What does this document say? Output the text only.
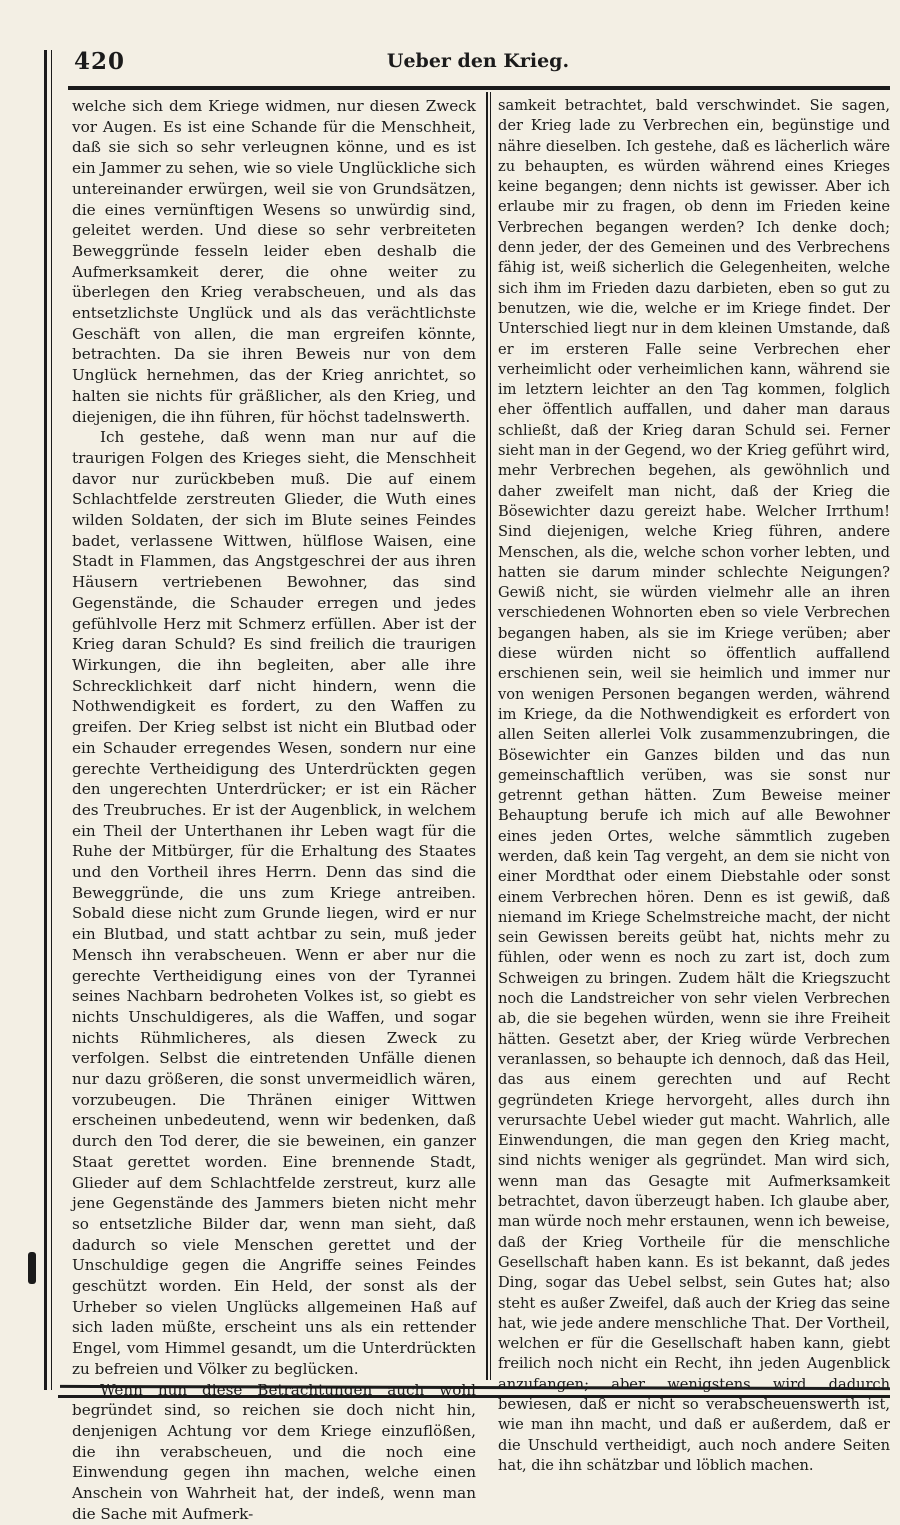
420	Ueber den Krieg.

welche sich dem Kriege widmen, nur diesen Zweck vor Augen. Es ist eine Schande für die Menschheit, daß sie sich so sehr verleugnen könne, und es ist ein Jammer zu sehen, wie so viele Unglückliche sich untereinander erwürgen, weil sie von Grundsätzen, die eines vernünftigen Wesens so unwürdig sind, geleitet werden. Und diese so sehr verbreiteten Beweggründe fesseln leider eben deshalb die Aufmerksamkeit derer, die ohne weiter zu überlegen den Krieg verabscheuen, und als das entsetzlichste Unglück und als das verächtlichste Geschäft von allen, die man ergreifen könnte, betrachten. Da sie ihren Beweis nur von dem Unglück hernehmen, das der Krieg anrichtet, so halten sie nichts für gräßlicher, als den Krieg, und diejenigen, die ihn führen, für höchst tadelnswerth.

Ich gestehe, daß wenn man nur auf die traurigen Folgen des Krieges sieht, die Menschheit davor nur zurückbeben muß. Die auf einem Schlachtfelde zerstreuten Glieder, die Wuth eines wilden Soldaten, der sich im Blute seines Feindes badet, verlassene Wittwen, hülflose Waisen, eine Stadt in Flammen, das Angstgeschrei der aus ihren Häusern vertriebenen Bewohner, das sind Gegenstände, die Schauder erregen und jedes gefühlvolle Herz mit Schmerz erfüllen. Aber ist der Krieg daran Schuld? Es sind freilich die traurigen Wirkungen, die ihn begleiten, aber alle ihre Schrecklichkeit darf nicht hindern, wenn die Nothwendigkeit es fordert, zu den Waffen zu greifen. Der Krieg selbst ist nicht ein Blutbad oder ein Schauder erregendes Wesen, sondern nur eine gerechte Vertheidigung des Unterdrückten gegen den ungerechten Unterdrücker; er ist ein Rächer des Treubruches. Er ist der Augenblick, in welchem ein Theil der Unterthanen ihr Leben wagt für die Ruhe der Mitbürger, für die Erhaltung des Staates und den Vortheil ihres Herrn. Denn das sind die Beweggründe, die uns zum Kriege antreiben. Sobald diese nicht zum Grunde liegen, wird er nur ein Blutbad, und statt achtbar zu sein, muß jeder Mensch ihn verabscheuen. Wenn er aber nur die gerechte Vertheidigung eines von der Tyrannei seines Nachbarn bedroheten Volkes ist, so giebt es nichts Unschuldigeres, als die Waffen, und sogar nichts Rühmlicheres, als diesen Zweck zu verfolgen. Selbst die eintretenden Unfälle dienen nur dazu größeren, die sonst unvermeidlich wären, vorzubeugen. Die Thränen einiger Wittwen erscheinen unbedeutend, wenn wir bedenken, daß durch den Tod derer, die sie beweinen, ein ganzer Staat gerettet worden. Eine brennende Stadt, Glieder auf dem Schlachtfelde zerstreut, kurz alle jene Gegenstände des Jammers bieten nicht mehr so entsetzliche Bilder dar, wenn man sieht, daß dadurch so viele Menschen gerettet und der Unschuldige gegen die Angriffe seines Feindes geschützt worden. Ein Held, der sonst als der Urheber so vielen Unglücks allgemeinen Haß auf sich laden müßte, erscheint uns als ein rettender Engel, vom Himmel gesandt, um die Unterdrückten zu befreien und Völker zu beglücken.

Wenn nun diese Betrachtungen auch wohl begründet sind, so reichen sie doch nicht hin, denjenigen Achtung vor dem Kriege einzuflößen, die ihn verabscheuen, und die noch eine Einwendung gegen ihn machen, welche einen Anschein von Wahrheit hat, der indeß, wenn man die Sache mit Aufmerk-

samkeit betrachtet, bald verschwindet. Sie sagen, der Krieg lade zu Verbrechen ein, begünstige und nähre dieselben. Ich gestehe, daß es lächerlich wäre zu behaupten, es würden während eines Krieges keine begangen; denn nichts ist gewisser. Aber ich erlaube mir zu fragen, ob denn im Frieden keine Verbrechen begangen werden? Ich denke doch; denn jeder, der des Gemeinen und des Verbrechens fähig ist, weiß sicherlich die Gelegenheiten, welche sich ihm im Frieden dazu darbieten, eben so gut zu benutzen, wie die, welche er im Kriege findet. Der Unterschied liegt nur in dem kleinen Umstande, daß er im ersteren Falle seine Verbrechen eher verheimlicht oder verheimlichen kann, während sie im letztern leichter an den Tag kommen, folglich eher öffentlich auffallen, und daher man daraus schließt, daß der Krieg daran Schuld sei. Ferner sieht man in der Gegend, wo der Krieg geführt wird, mehr Verbrechen begehen, als gewöhnlich und daher zweifelt man nicht, daß der Krieg die Bösewichter dazu gereizt habe. Welcher Irrthum! Sind diejenigen, welche Krieg führen, andere Menschen, als die, welche schon vorher lebten, und hatten sie darum minder schlechte Neigungen? Gewiß nicht, sie würden vielmehr alle an ihren verschiedenen Wohnorten eben so viele Verbrechen begangen haben, als sie im Kriege verüben; aber diese würden nicht so öffentlich auffallend erschienen sein, weil sie heimlich und immer nur von wenigen Personen begangen werden, während im Kriege, da die Nothwendigkeit es erfordert von allen Seiten allerlei Volk zusammenzubringen, die Bösewichter ein Ganzes bilden und das nun gemeinschaftlich verüben, was sie sonst nur getrennt gethan hätten. Zum Beweise meiner Behauptung berufe ich mich auf alle Bewohner eines jeden Ortes, welche sämmtlich zugeben werden, daß kein Tag vergeht, an dem sie nicht von einer Mordthat oder einem Diebstahle oder sonst einem Verbrechen hören. Denn es ist gewiß, daß niemand im Kriege Schelmstreiche macht, der nicht sein Gewissen bereits geübt hat, nichts mehr zu fühlen, oder wenn es noch zu zart ist, doch zum Schweigen zu bringen. Zudem hält die Kriegszucht noch die Landstreicher von sehr vielen Verbrechen ab, die sie begehen würden, wenn sie ihre Freiheit hätten. Gesetzt aber, der Krieg würde Verbrechen veranlassen, so behaupte ich dennoch, daß das Heil, das aus einem gerechten und auf Recht gegründeten Kriege hervorgeht, alles durch ihn verursachte Uebel wieder gut macht. Wahrlich, alle Einwendungen, die man gegen den Krieg macht, sind nichts weniger als gegründet. Man wird sich, wenn man das Gesagte mit Aufmerksamkeit betrachtet, davon überzeugt haben. Ich glaube aber, man würde noch mehr erstaunen, wenn ich beweise, daß der Krieg Vortheile für die menschliche Gesellschaft haben kann. Es ist bekannt, daß jedes Ding, sogar das Uebel selbst, sein Gutes hat; also steht es außer Zweifel, daß auch der Krieg das seine hat, wie jede andere menschliche That. Der Vortheil, welchen er für die Gesellschaft haben kann, giebt freilich noch nicht ein Recht, ihn jeden Augenblick anzufangen; aber wenigstens wird dadurch bewiesen, daß er nicht so verabscheuenswerth ist, wie man ihn macht, und daß er außerdem, daß er die Unschuld vertheidigt, auch noch andere Seiten hat, die ihn schätzbar und löblich machen.
